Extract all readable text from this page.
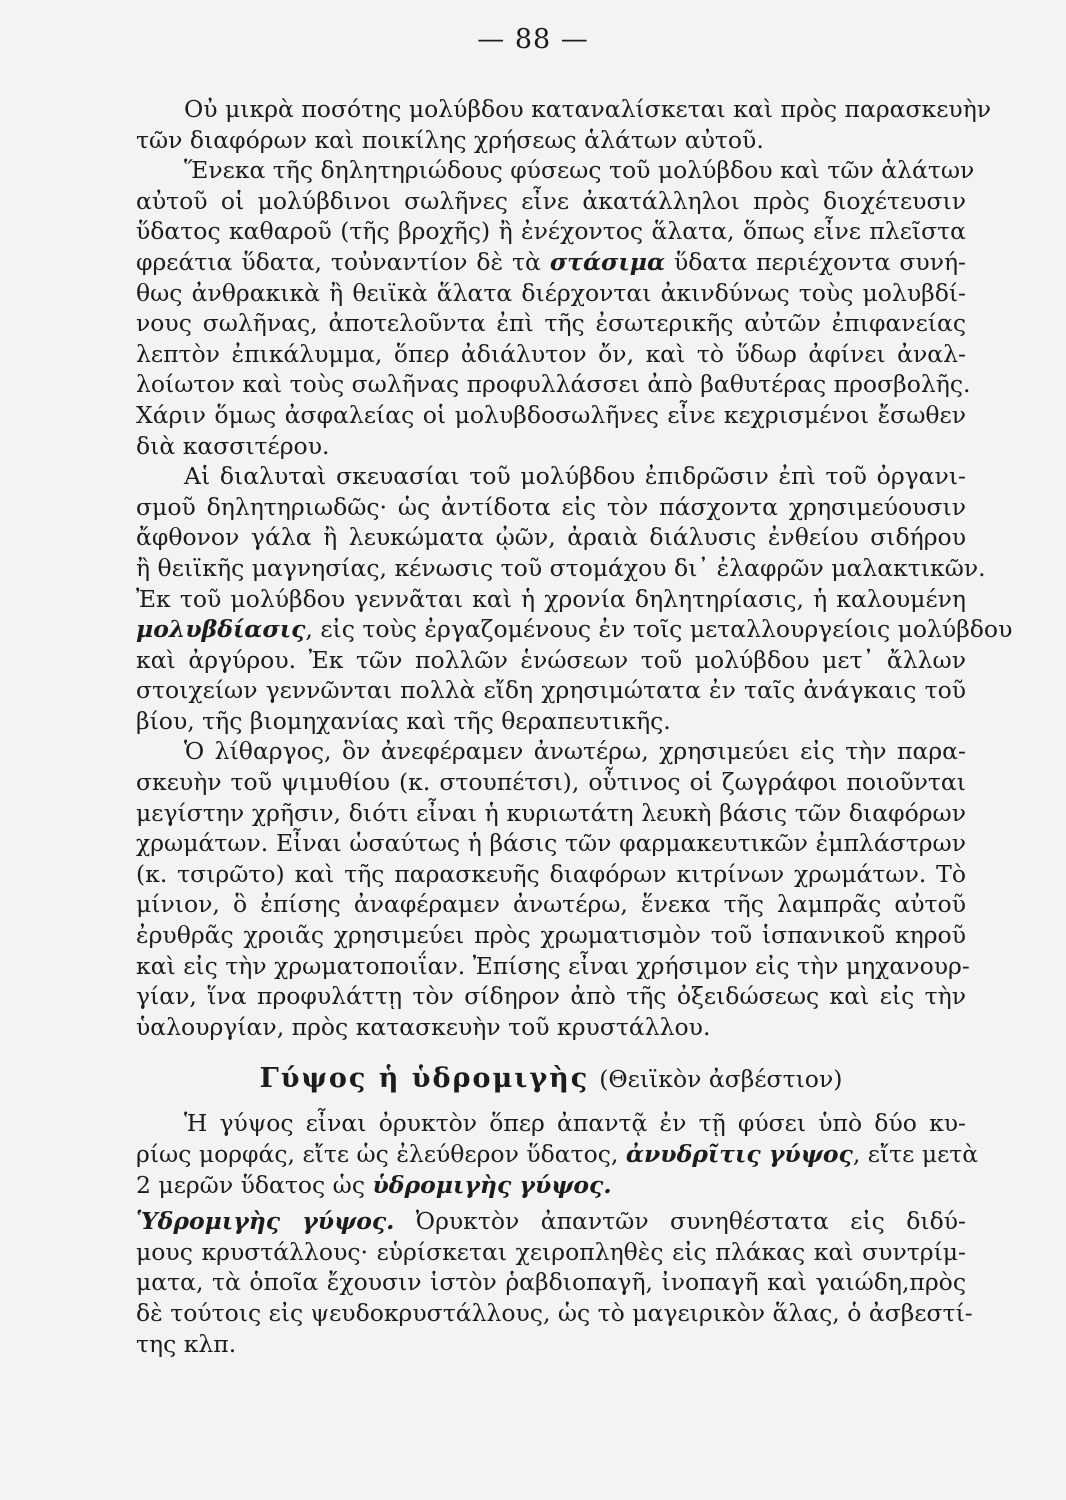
— 88 —
Οὐ μικρὰ ποσότης μολύβδου καταναλίσκεται καὶ πρὸς παρασκευὴν
τῶν διαφόρων καὶ ποικίλης χρήσεως ἁλάτων αὐτοῦ.
Ἕνεκα τῆς δηλητηριώδους φύσεως τοῦ μολύβδου καὶ τῶν ἁλάτων
αὐτοῦ οἱ μολύβδινοι σωλῆνες εἶνε ἀκατάλληλοι πρὸς διοχέτευσιν
ὕδατος καθαροῦ (τῆς βροχῆς) ἢ ἐνέχοντος ἅλατα, ὅπως εἶνε πλεῖστα
φρεάτια ὕδατα, τοὐναντίον δὲ τὰ στάσιμα ὕδατα περιέχοντα συνή-
θως ἀνθρακικὰ ἢ θειϊκὰ ἅλατα διέρχονται ἀκινδύνως τοὺς μολυβδί-
νους σωλῆνας, ἀποτελοῦντα ἐπὶ τῆς ἐσωτερικῆς αὐτῶν ἐπιφανείας
λεπτὸν ἐπικάλυμμα, ὅπερ ἀδιάλυτον ὄν, καὶ τὸ ὕδωρ ἀφίνει ἀναλ-
λοίωτον καὶ τοὺς σωλῆνας προφυλλάσσει ἀπὸ βαθυτέρας προσβολῆς.
Χάριν ὅμως ἀσφαλείας οἱ μολυβδοσωλῆνες εἶνε κεχρισμένοι ἔσωθεν
διὰ κασσιτέρου.
Αἱ διαλυταὶ σκευασίαι τοῦ μολύβδου ἐπιδρῶσιν ἐπὶ τοῦ ὀργανι-
σμοῦ δηλητηριωδῶς· ὡς ἀντίδοτα εἰς τὸν πάσχοντα χρησιμεύουσιν
ἄφθονον γάλα ἢ λευκώματα ᾠῶν, ἀραιὰ διάλυσις ἐνθείου σιδήρου
ἢ θειϊκῆς μαγνησίας, κένωσις τοῦ στομάχου δι᾿ ἐλαφρῶν μαλακτικῶν.
Ἐκ τοῦ μολύβδου γεννᾶται καὶ ἡ χρονία δηλητηρίασις, ἡ καλουμένη
μολυβδίασις, εἰς τοὺς ἐργαζομένους ἐν τοῖς μεταλλουργείοις μολύβδου
καὶ ἀργύρου. Ἐκ τῶν πολλῶν ἑνώσεων τοῦ μολύβδου μετ᾿ ἄλλων
στοιχείων γεννῶνται πολλὰ εἴδη χρησιμώτατα ἐν ταῖς ἀνάγκαις τοῦ
βίου, τῆς βιομηχανίας καὶ τῆς θεραπευτικῆς.
Ὁ λίθαργος, ὃν ἀνεφέραμεν ἀνωτέρω, χρησιμεύει εἰς τὴν παρα-
σκευὴν τοῦ ψιμυθίου (κ. στουπέτσι), οὗτινος οἱ ζωγράφοι ποιοῦνται
μεγίστην χρῆσιν, διότι εἶναι ἡ κυριωτάτη λευκὴ βάσις τῶν διαφόρων
χρωμάτων. Εἶναι ὡσαύτως ἡ βάσις τῶν φαρμακευτικῶν ἐμπλάστρων
(κ. τσιρῶτο) καὶ τῆς παρασκευῆς διαφόρων κιτρίνων χρωμάτων. Τὸ
μίνιον, ὃ ἐπίσης ἀναφέραμεν ἀνωτέρω, ἕνεκα τῆς λαμπρᾶς αὐτοῦ
ἐρυθρᾶς χροιᾶς χρησιμεύει πρὸς χρωματισμὸν τοῦ ἱσπανικοῦ κηροῦ
καὶ εἰς τὴν χρωματοποιΐαν. Ἐπίσης εἶναι χρήσιμον εἰς τὴν μηχανουρ-
γίαν, ἵνα προφυλάττῃ τὸν σίδηρον ἀπὸ τῆς ὀξειδώσεως καὶ εἰς τὴν
ὑαλουργίαν, πρὸς κατασκευὴν τοῦ κρυστάλλου.
Γύψος ἡ ὑδρομιγὴς (Θειϊκὸν ἀσβέστιον)
Ἡ γύψος εἶναι ὀρυκτὸν ὅπερ ἀπαντᾷ ἐν τῇ φύσει ὑπὸ δύο κυ-
ρίως μορφάς, εἴτε ὡς ἐλεύθερον ὕδατος, ἀνυδρῖτις γύψος, εἴτε μετὰ
2 μερῶν ὕδατος ὡς ὑδρομιγὴς γύψος.
Ὑδρομιγὴς γύψος. Ὀρυκτὸν ἀπαντῶν συνηθέστατα εἰς διδύ-
μους κρυστάλλους· εὑρίσκεται χειροπληθὲς εἰς πλάκας καὶ συντρίμ-
ματα, τὰ ὁποῖα ἔχουσιν ἱστὸν ῥαβδιοπαγῆ, ἰνοπαγῆ καὶ γαιώδη,πρὸς
δὲ τούτοις εἰς ψευδοκρυστάλλους, ὡς τὸ μαγειρικὸν ἅλας, ὁ ἀσβεστί-
της κλπ.
